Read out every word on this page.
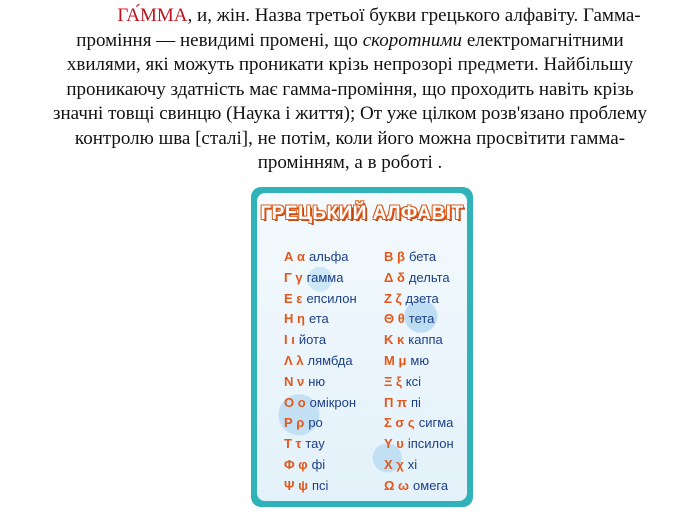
ГА́ММА, и, жін. Назва третьої букви грецького алфавіту. Гамма-проміння — невидимі промені, що скоротними електромагнітними хвилями, які можуть проникати крізь непрозорі предмети. Найбільшу проникаючу здатність має гамма-проміння, що проходить навіть крізь значні товщі свинцю (Наука і життя); От уже цілком розв'язано проблему контролю шва [сталі], не потім, коли його можна просвітити гамма-промінням, а в роботі .
ГРЕЦЬКИЙ АЛФАВІТ
Α α альфа	Β β бета
Γ γ гамма	Δ δ дельта
Ε ε епсилон Ζ ζ дзета
Η η ета	Θ θ тета
Ι ι йота	Κ κ каппа
Λ λ лямбда Μ μ мю
Ν ν ню	Ξ ξ ксі
Ο ο омікрон Π π пі
Ρ ρ ро	Σ σ ς сигма
Τ τ тау	Υ υ іпсилон
Φ φ фі	Χ χ хі
Ψ ψ псі	Ω ω омега
